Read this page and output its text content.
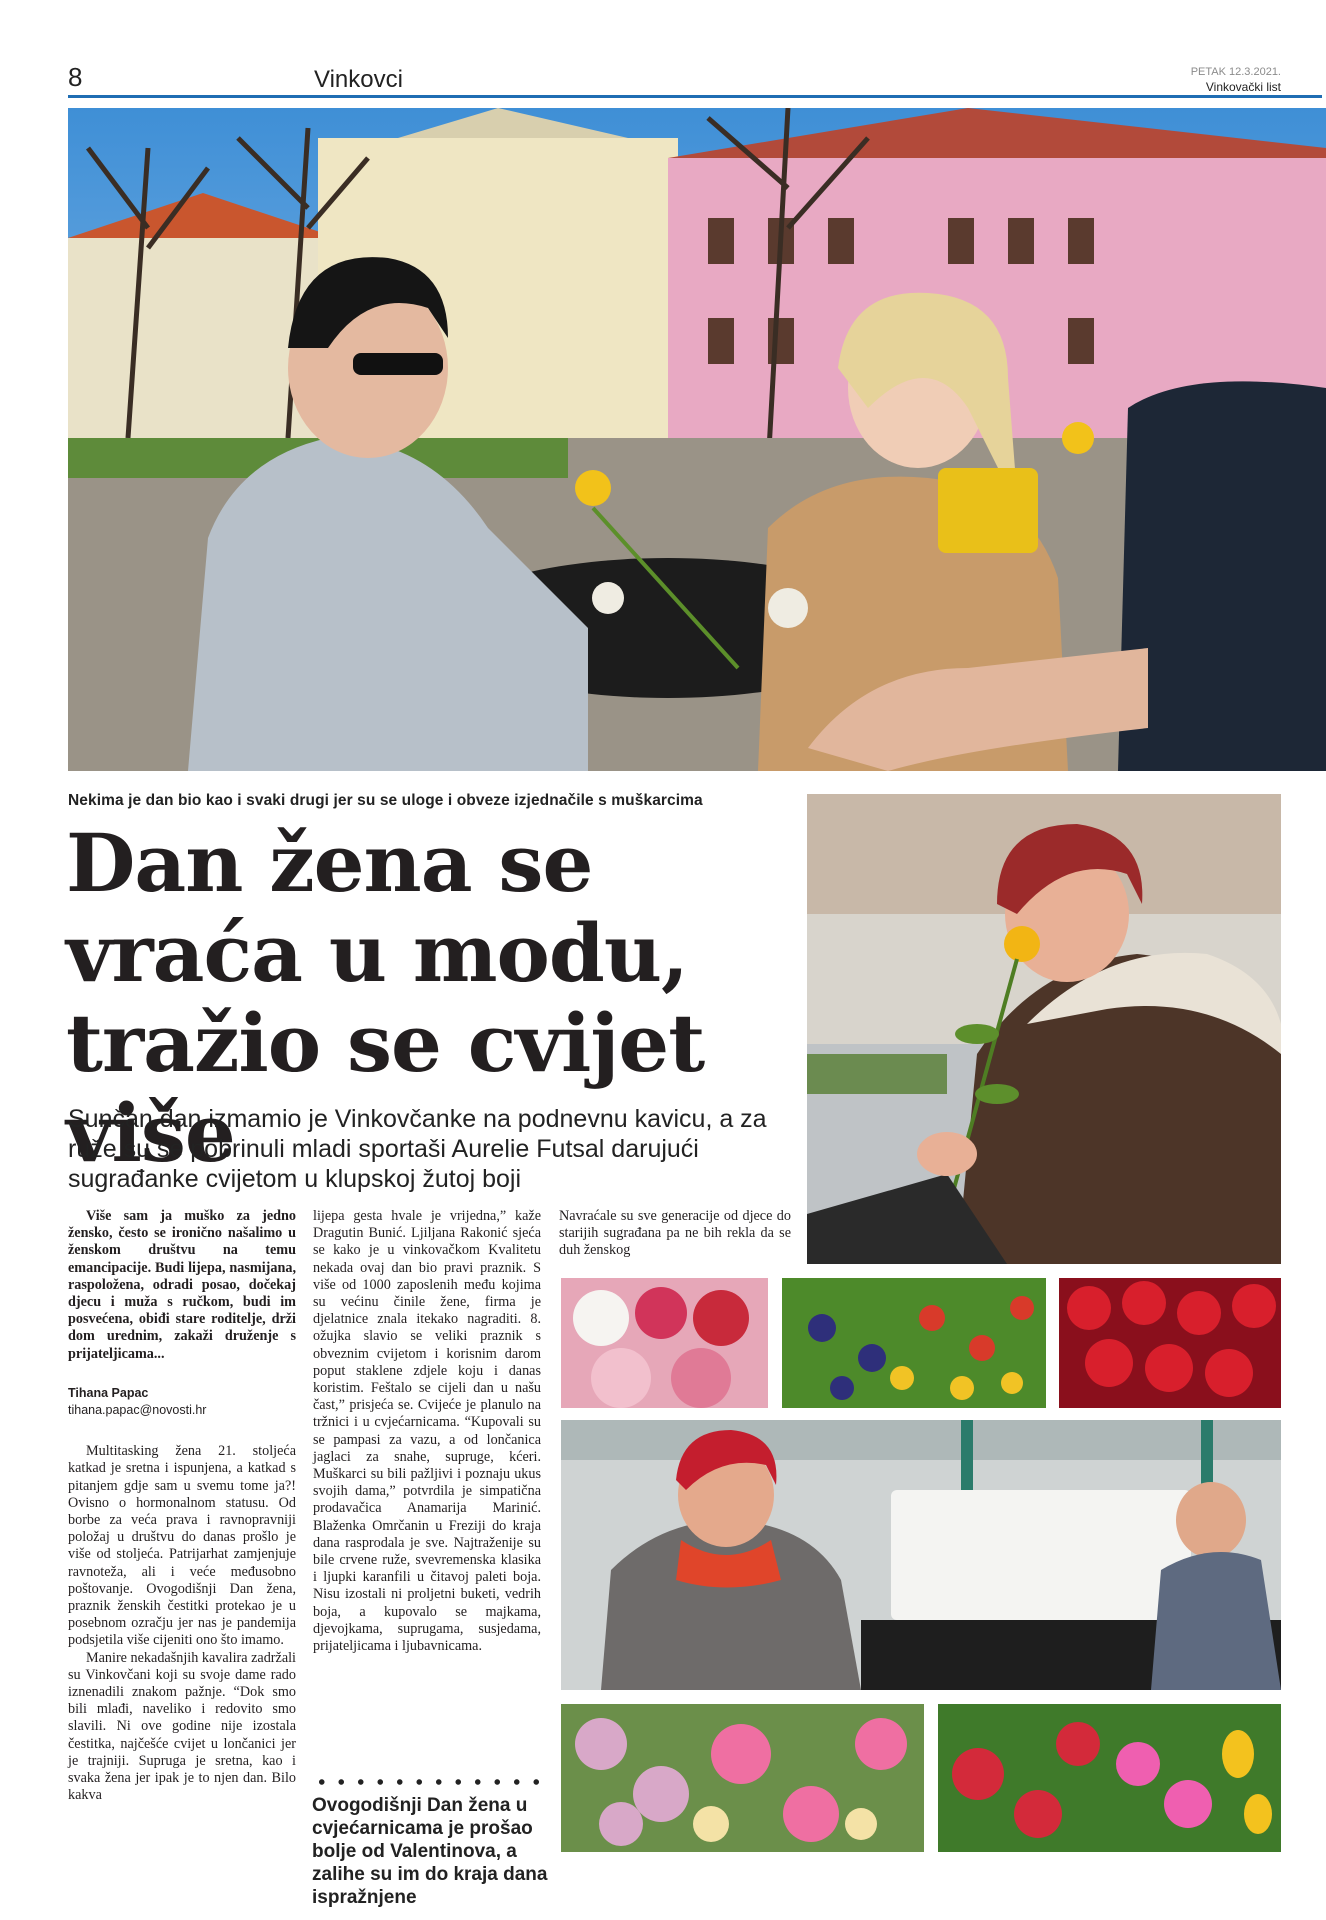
8	Vinkovci	PETAK 12.3.2021.
Vinkovački list
Nekima je dan bio kao i svaki drugi jer su se uloge i obveze izjednačile s muškarcima
Dan žena se vraća u modu, tražio se cvijet više
Sunčan dan izmamio je Vinkovčanke na podnevnu kavicu, a za ruže su se pobrinuli mladi sportaši Aurelie Futsal darujući sugrađanke cvijetom u klupskoj žutoj boji

Više sam ja muško za jedno žensko, često se ironično našalimo u ženskom društvu na temu emancipacije. Budi lijepa, nasmijana, raspoložena, odradi posao, dočekaj djecu i muža s ručkom, budi im posvećena, obiđi stare roditelje, drži dom urednim, zakaži druženje s prijateljicama...

Tihana Papac

tihana.papac@novosti.hr

Multitasking žena 21. stoljeća katkad je sretna i ispunjena, a katkad s pitanjem gdje sam u svemu tome ja?! Ovisno o hormonalnom statusu. Od borbe za veća prava i ravnopravniji položaj u društvu do danas prošlo je više od stoljeća. Patrijarhat zamjenjuje ravnoteža, ali i veće međusobno poštovanje. Ovogodišnji Dan žena, praznik ženskih čestitki protekao je u posebnom ozračju jer nas je pandemija podsjetila više cijeniti ono što imamo.

Manire nekadašnjih kavalira zadržali su Vinkovčani koji su svoje dame rado iznenadili znakom pažnje. “Dok smo bili mlađi, naveliko i redovito smo slavili. Ni ove godine nije izostala čestitka, najčešće cvijet u lončanici jer je trajniji. Supruga je sretna, kao i svaka žena jer ipak je to njen dan. Bilo kakva

lijepa gesta hvale je vrijedna,” kaže Dragutin Bunić. Ljiljana Rakonić sjeća se kako je u vinkovačkom Kvalitetu nekada ovaj dan bio pravi praznik. S više od 1000 zaposlenih među kojima su većinu činile žene, firma je djelatnice znala itekako nagraditi. 8. ožujka slavio se veliki praznik s obveznim cvijetom i korisnim darom poput staklene zdjele koju i danas koristim. Feštalo se cijeli dan u našu čast,” prisjeća se. Cvijeće je planulo na tržnici i u cvjećarnicama. “Kupovali su se pampasi za vazu, a od lončanica jaglaci za snahe, supruge, kćeri. Muškarci su bili pažljivi i poznaju ukus svojih dama,” potvrdila je simpatična prodavačica Anamarija Marinić. Blaženka Omrčanin u Freziji do kraja dana rasprodala je sve. Najtraženije su bile crvene ruže, svevremenska klasika i ljupki karanfili u čitavoj paleti boja. Nisu izostali ni proljetni buketi, vedrih boja, a kupovalo se majkama, djevojkama, suprugama, susjedama, prijateljicama i ljubavnicama.

Navraćale su sve generacije od djece do starijih sugrađana pa ne bih rekla da se duh ženskog

Ovogodišnji Dan žena u cvjećarnicama je prošao bolje od Valentinova, a zalihe su im do kraja dana ispražnjene
